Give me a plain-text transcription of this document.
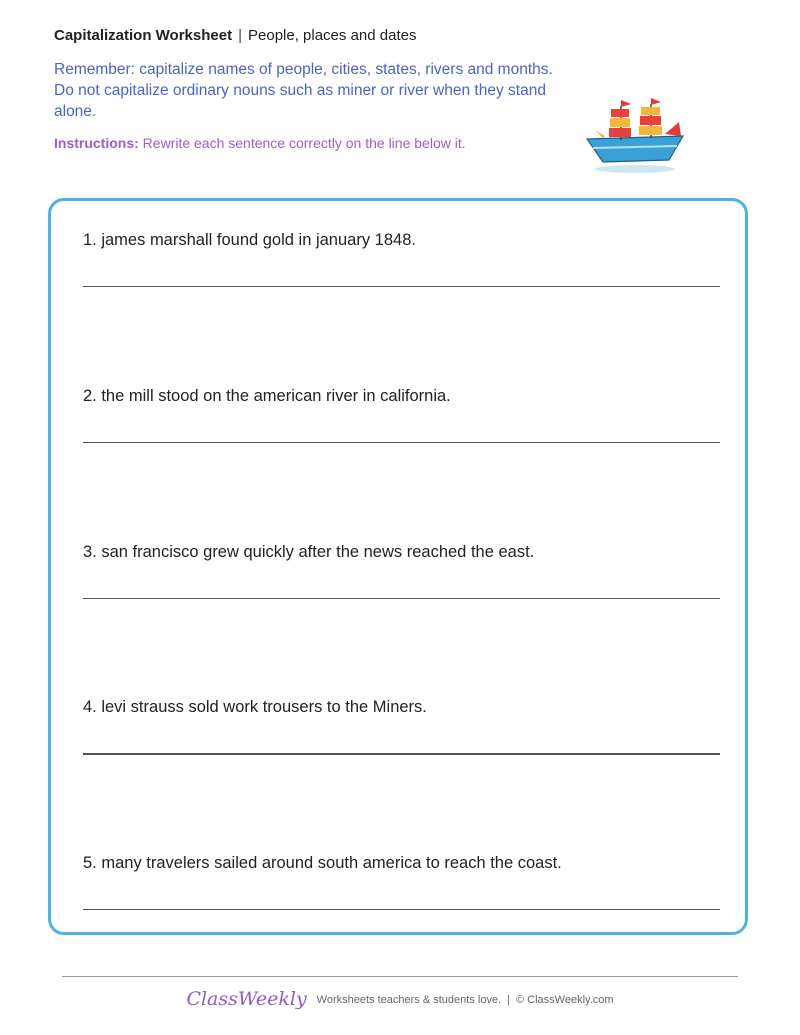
Capitalization Worksheet | People, places and dates
Remember: capitalize names of people, cities, states, rivers and months. Do not capitalize ordinary nouns such as miner or river when they stand alone.
Instructions: Rewrite each sentence correctly on the line below it.
1. james marshall found gold in january 1848.
2. the mill stood on the american river in california.
3. san francisco grew quickly after the news reached the east.
4. levi strauss sold work trousers to the Miners.
5. many travelers sailed around south america to reach the coast.
ClassWeekly Worksheets teachers & students love. | © ClassWeekly.com
